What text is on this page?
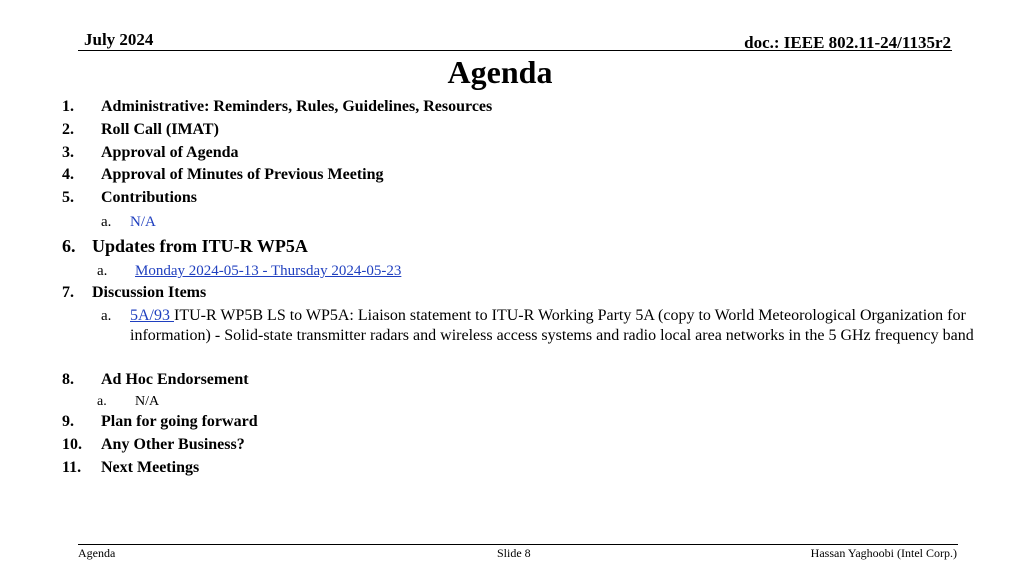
July 2024	doc.: IEEE 802.11-24/1135r2
Agenda
1. Administrative: Reminders, Rules, Guidelines, Resources
2. Roll Call (IMAT)
3. Approval of Agenda
4. Approval of Minutes of Previous Meeting
5. Contributions
a. N/A
6. Updates from ITU-R WP5A
a. Monday 2024-05-13 - Thursday 2024-05-23
7. Discussion Items
a. 5A/93 ITU-R WP5B LS to WP5A: Liaison statement to ITU-R Working Party 5A (copy to World Meteorological Organization for information) - Solid-state transmitter radars and wireless access systems and radio local area networks in the 5 GHz frequency band
8. Ad Hoc Endorsement
a. N/A
9. Plan for going forward
10. Any Other Business?
11. Next Meetings
Agenda	Slide 8	Hassan Yaghoobi (Intel Corp.)
